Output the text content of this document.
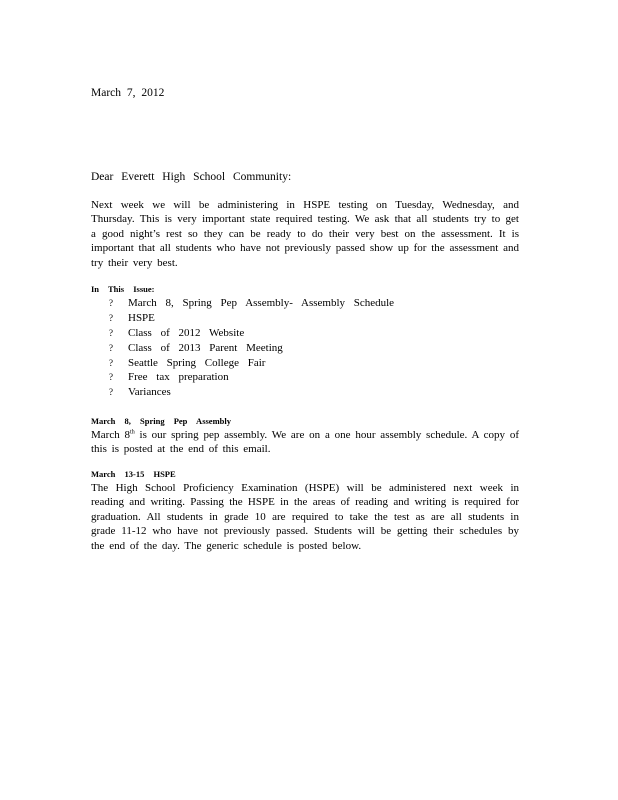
March 7, 2012
Dear Everett High School Community:

Next week we will be administering in HSPE testing on Tuesday, Wednesday, and Thursday. This is very important state required testing. We ask that all students try to get a good night’s rest so they can be ready to do their very best on the assessment. It is important that all students who have not previously passed show up for the assessment and try their very best.

In This Issue:
? March 8, Spring Pep Assembly- Assembly Schedule
? HSPE
? Class of 2012 Website
? Class of 2013 Parent Meeting
? Seattle Spring College Fair
? Free tax preparation
? Variances
March 8, Spring Pep Assembly

March 8th is our spring pep assembly. We are on a one hour assembly schedule. A copy of this is posted at the end of this email.

March 13-15 HSPE

The High School Proficiency Examination (HSPE) will be administered next week in reading and writing. Passing the HSPE in the areas of reading and writing is required for graduation. All students in grade 10 are required to take the test as are all students in grade 11-12 who have not previously passed. Students will be getting their schedules by the end of the day. The generic schedule is posted below.
